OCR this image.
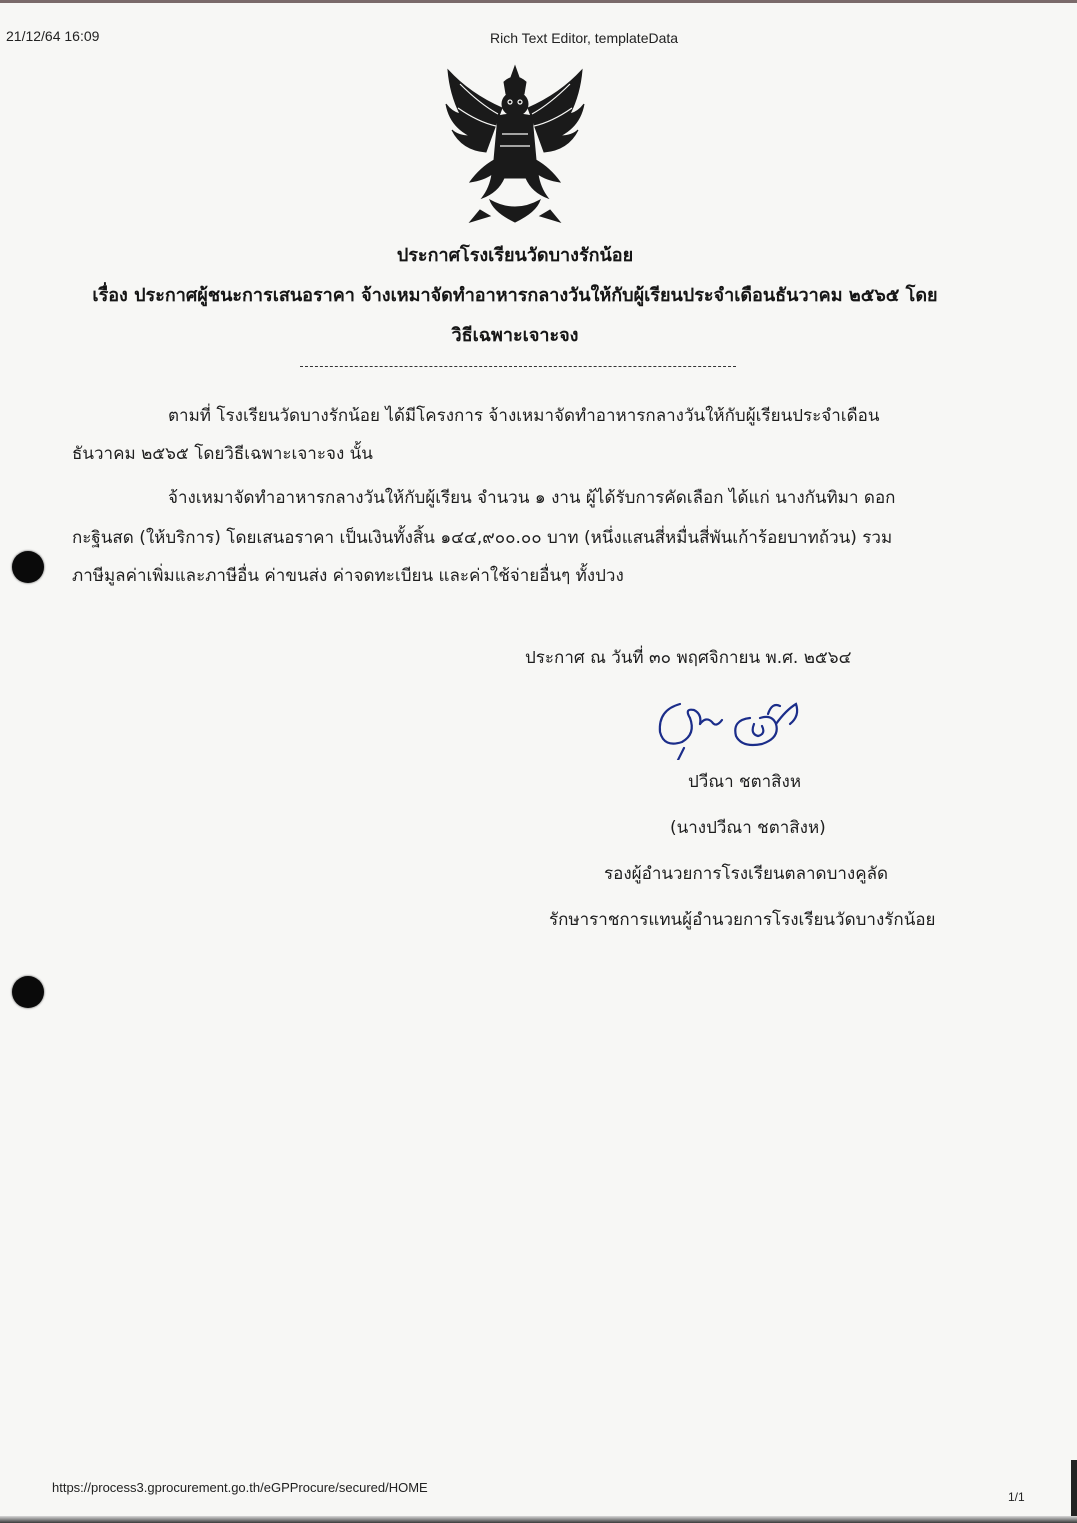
21/12/64 16:09	Rich Text Editor, templateData
ประกาศโรงเรียนวัดบางรักน้อย
เรื่อง ประกาศผู้ชนะการเสนอราคา จ้างเหมาจัดทำอาหารกลางวันให้กับผู้เรียนประจำเดือนธันวาคม ๒๕๖๕ โดย
วิธีเฉพาะเจาะจง
ตามที่ โรงเรียนวัดบางรักน้อย ได้มีโครงการ จ้างเหมาจัดทำอาหารกลางวันให้กับผู้เรียนประจำเดือน
ธันวาคม ๒๕๖๕ โดยวิธีเฉพาะเจาะจง นั้น
จ้างเหมาจัดทำอาหารกลางวันให้กับผู้เรียน จำนวน ๑ งาน ผู้ได้รับการคัดเลือก ได้แก่ นางกันทิมา ดอก
กะฐินสด (ให้บริการ) โดยเสนอราคา เป็นเงินทั้งสิ้น ๑๔๔,๙๐๐.๐๐ บาท (หนึ่งแสนสี่หมื่นสี่พันเก้าร้อยบาทถ้วน) รวม
ภาษีมูลค่าเพิ่มและภาษีอื่น ค่าขนส่ง ค่าจดทะเบียน และค่าใช้จ่ายอื่นๆ ทั้งปวง
ประกาศ ณ วันที่ ๓๐ พฤศจิกายน พ.ศ. ๒๕๖๔
ปวีณา ชตาสิงห
(นางปวีณา ชตาสิงห)
รองผู้อำนวยการโรงเรียนตลาดบางคูลัด
รักษาราชการแทนผู้อำนวยการโรงเรียนวัดบางรักน้อย
https://process3.gprocurement.go.th/eGPProcure/secured/HOME
1/1
